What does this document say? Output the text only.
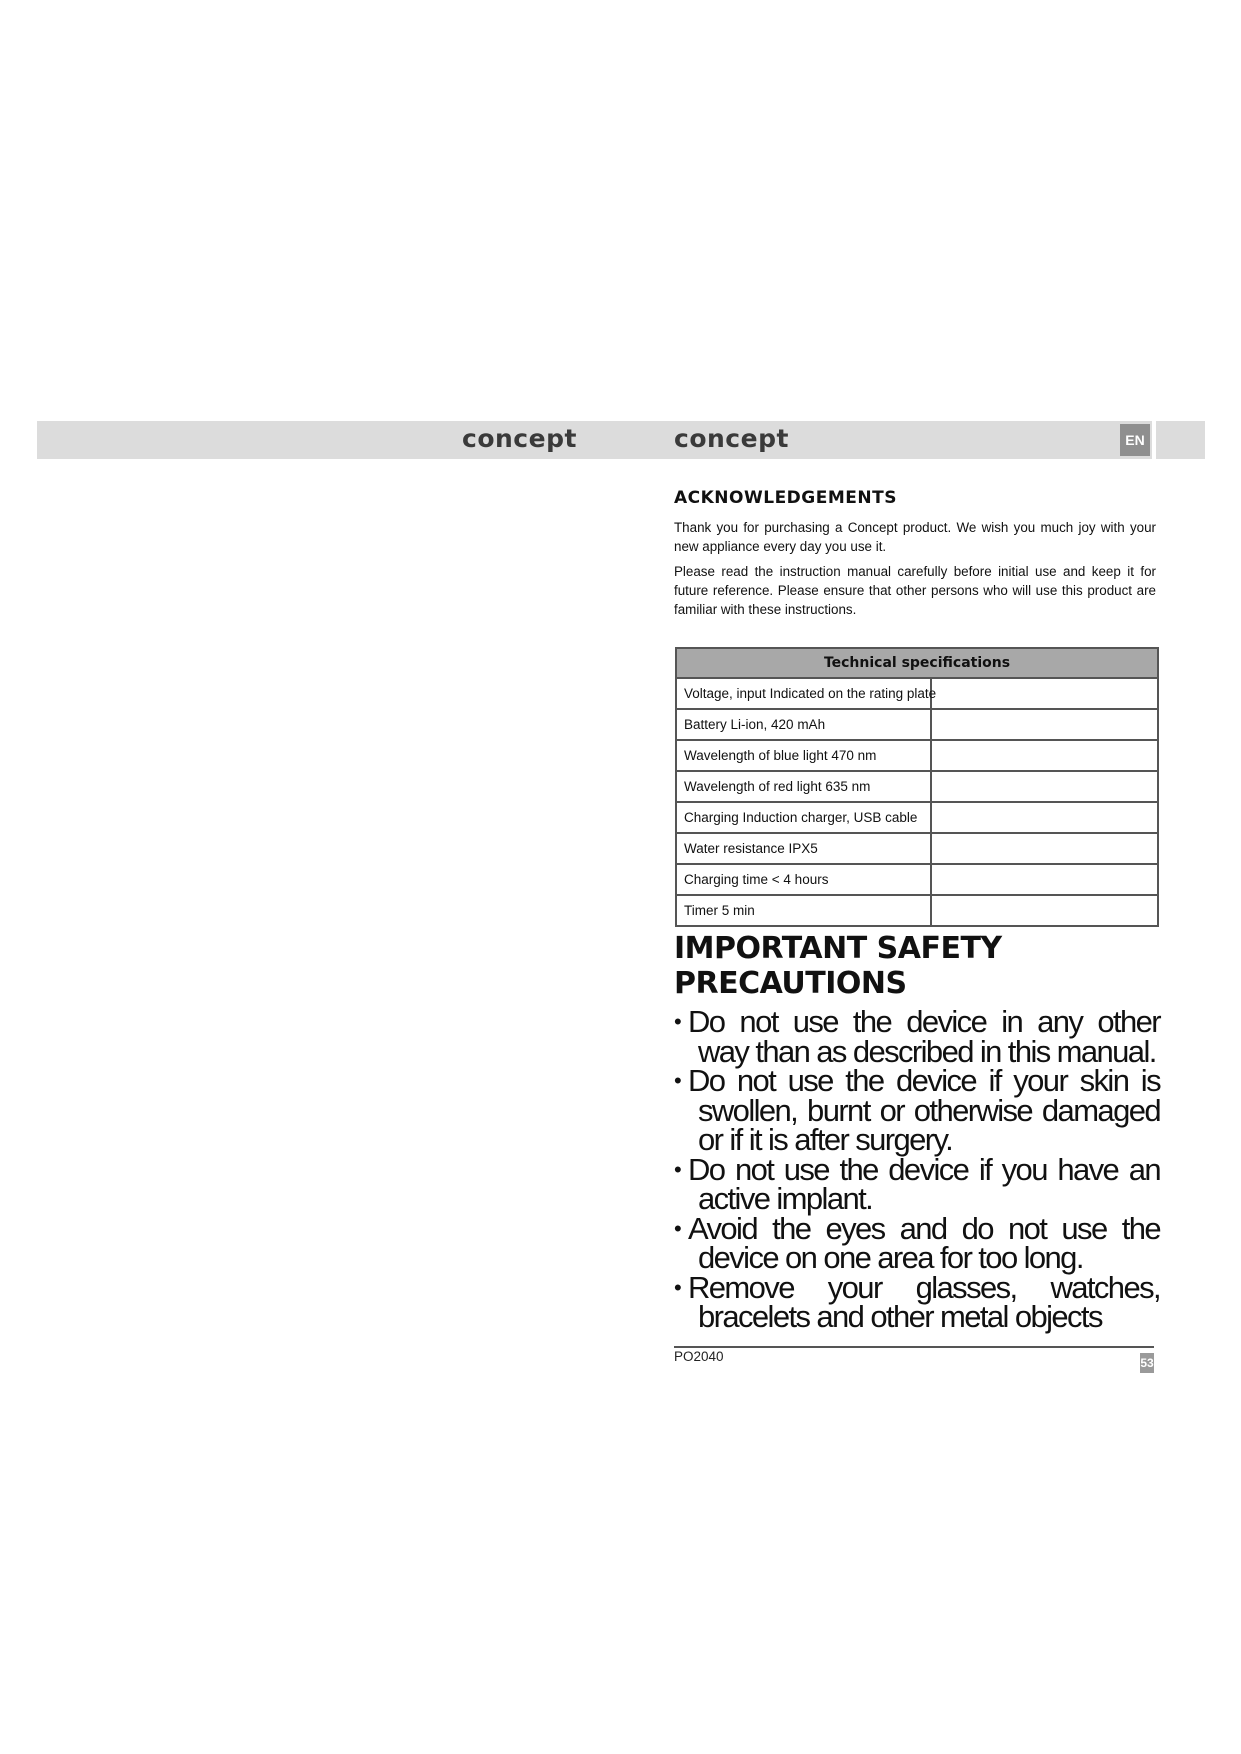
concept	concept	EN
ACKNOWLEDGEMENTS

Thank you for purchasing a Concept product. We wish you much joy with your new appliance every day you use it.

Please read the instruction manual carefully before initial use and keep it for future reference. Please ensure that other persons who will use this product are familiar with these instructions.

Technical specifications
Voltage, input Indicated on the rating plate
Battery Li-ion, 420 mAh
Wavelength of blue light 470 nm
Wavelength of red light 635 nm
Charging Induction charger, USB cable
Water resistance IPX5
Charging time < 4 hours
Timer 5 min
IMPORTANT SAFETY PRECAUTIONS
• Do not use the device in any other way than as described in this manual.
• Do not use the device if your skin is swollen, burnt or otherwise damaged or if it is after surgery.
• Do not use the device if you have an active implant.
• Avoid the eyes and do not use the device on one area for too long.
• Remove your glasses, watches, bracelets and other metal objects
PO2040	53
